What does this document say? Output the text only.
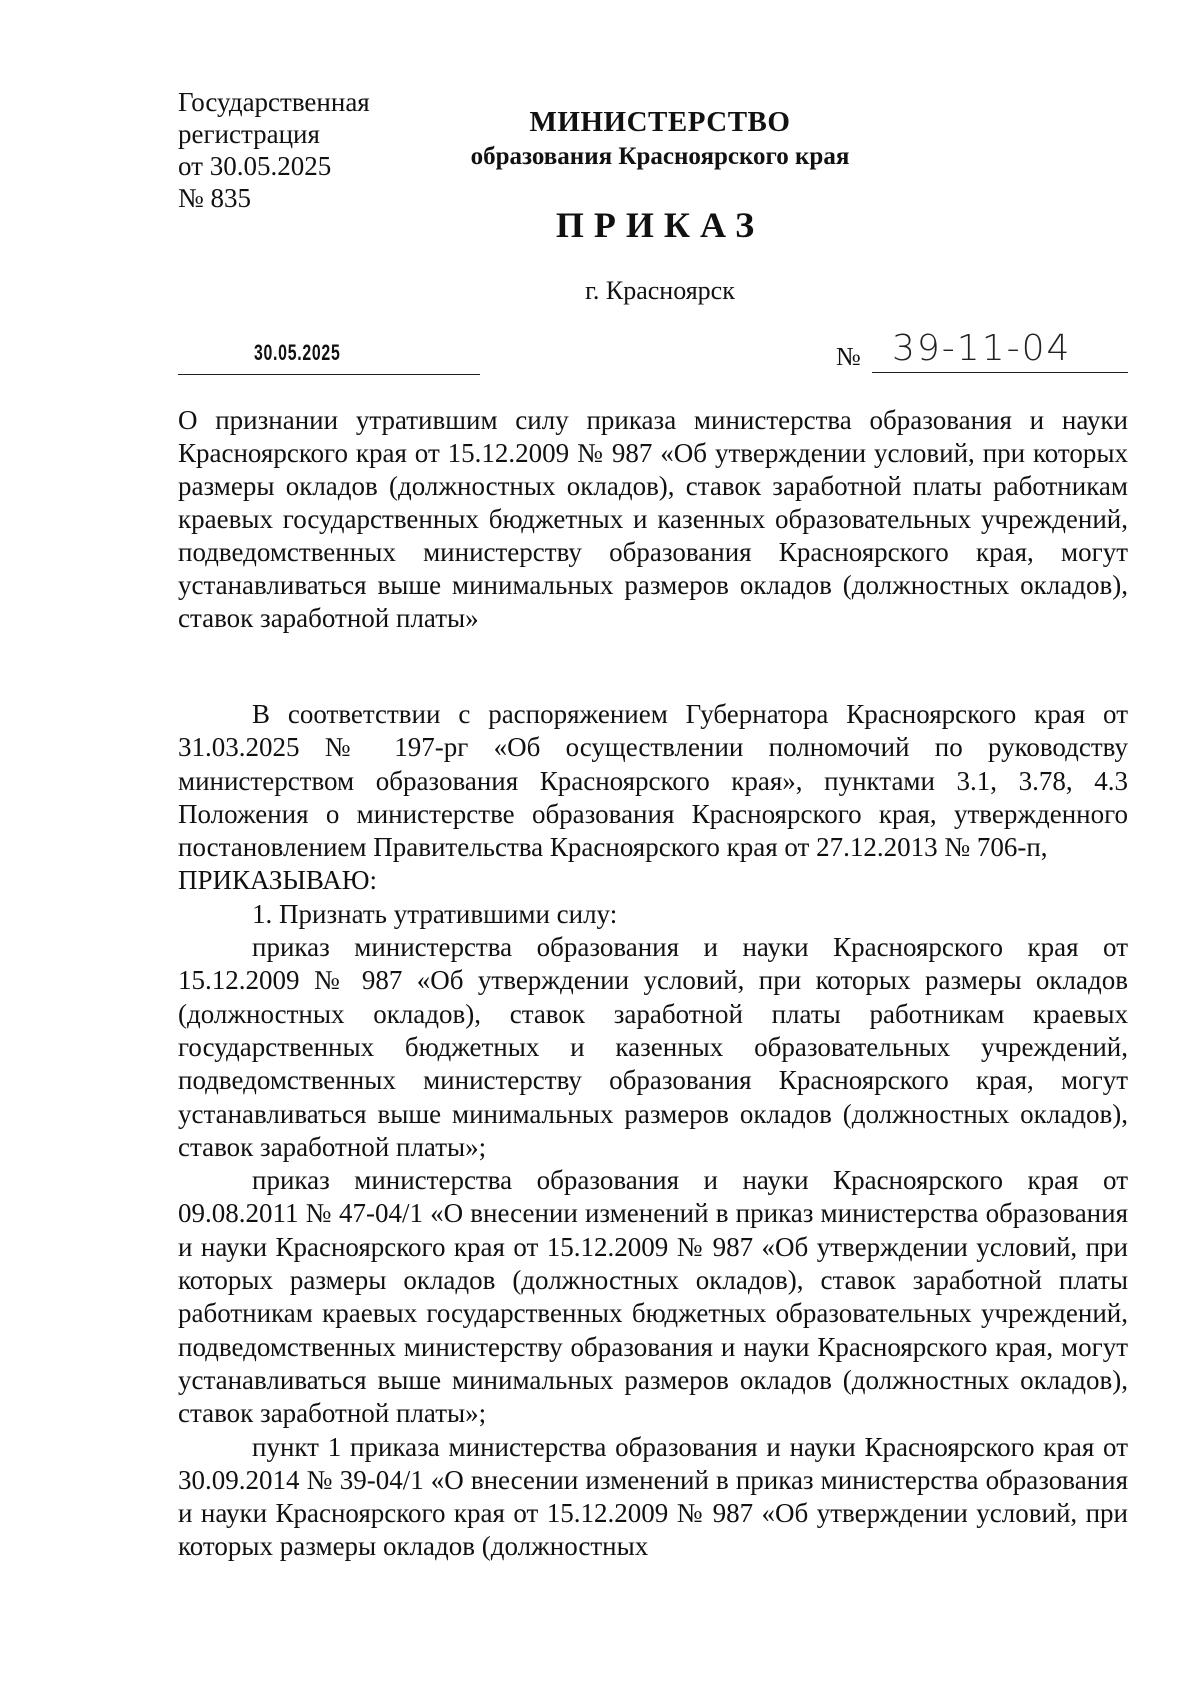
Государственная
регистрация
от 30.05.2025
№ 835
МИНИСТЕРСТВО
образования Красноярского края
ПРИКАЗ
г. Красноярск
30.05.2025	№ 39-11-04
О признании утратившим силу приказа министерства образования и науки Красноярского края от 15.12.2009 № 987 «Об утверждении условий, при которых размеры окладов (должностных окладов), ставок заработной платы работникам краевых государственных бюджетных и казенных образовательных учреждений, подведомственных министерству образования Красноярского края, могут устанавливаться выше минимальных размеров окладов (должностных окладов), ставок заработной платы»

В соответствии с распоряжением Губернатора Красноярского края от 31.03.2025 № 197-рг «Об осуществлении полномочий по руководству министерством образования Красноярского края», пунктами 3.1, 3.78, 4.3 Положения о министерстве образования Красноярского края, утвержденного постановлением Правительства Красноярского края от 27.12.2013 № 706-п,

ПРИКАЗЫВАЮ:

1. Признать утратившими силу:

приказ министерства образования и науки Красноярского края от 15.12.2009 № 987 «Об утверждении условий, при которых размеры окладов (должностных окладов), ставок заработной платы работникам краевых государственных бюджетных и казенных образовательных учреждений, подведомственных министерству образования Красноярского края, могут устанавливаться выше минимальных размеров окладов (должностных окладов), ставок заработной платы»;

приказ министерства образования и науки Красноярского края от 09.08.2011 № 47-04/1 «О внесении изменений в приказ министерства образования и науки Красноярского края от 15.12.2009 № 987 «Об утверждении условий, при которых размеры окладов (должностных окладов), ставок заработной платы работникам краевых государственных бюджетных образовательных учреждений, подведомственных министерству образования и науки Красноярского края, могут устанавливаться выше минимальных размеров окладов (должностных окладов), ставок заработной платы»;

пункт 1 приказа министерства образования и науки Красноярского края от 30.09.2014 № 39-04/1 «О внесении изменений в приказ министерства образования и науки Красноярского края от 15.12.2009 № 987 «Об утверждении условий, при которых размеры окладов (должностных
